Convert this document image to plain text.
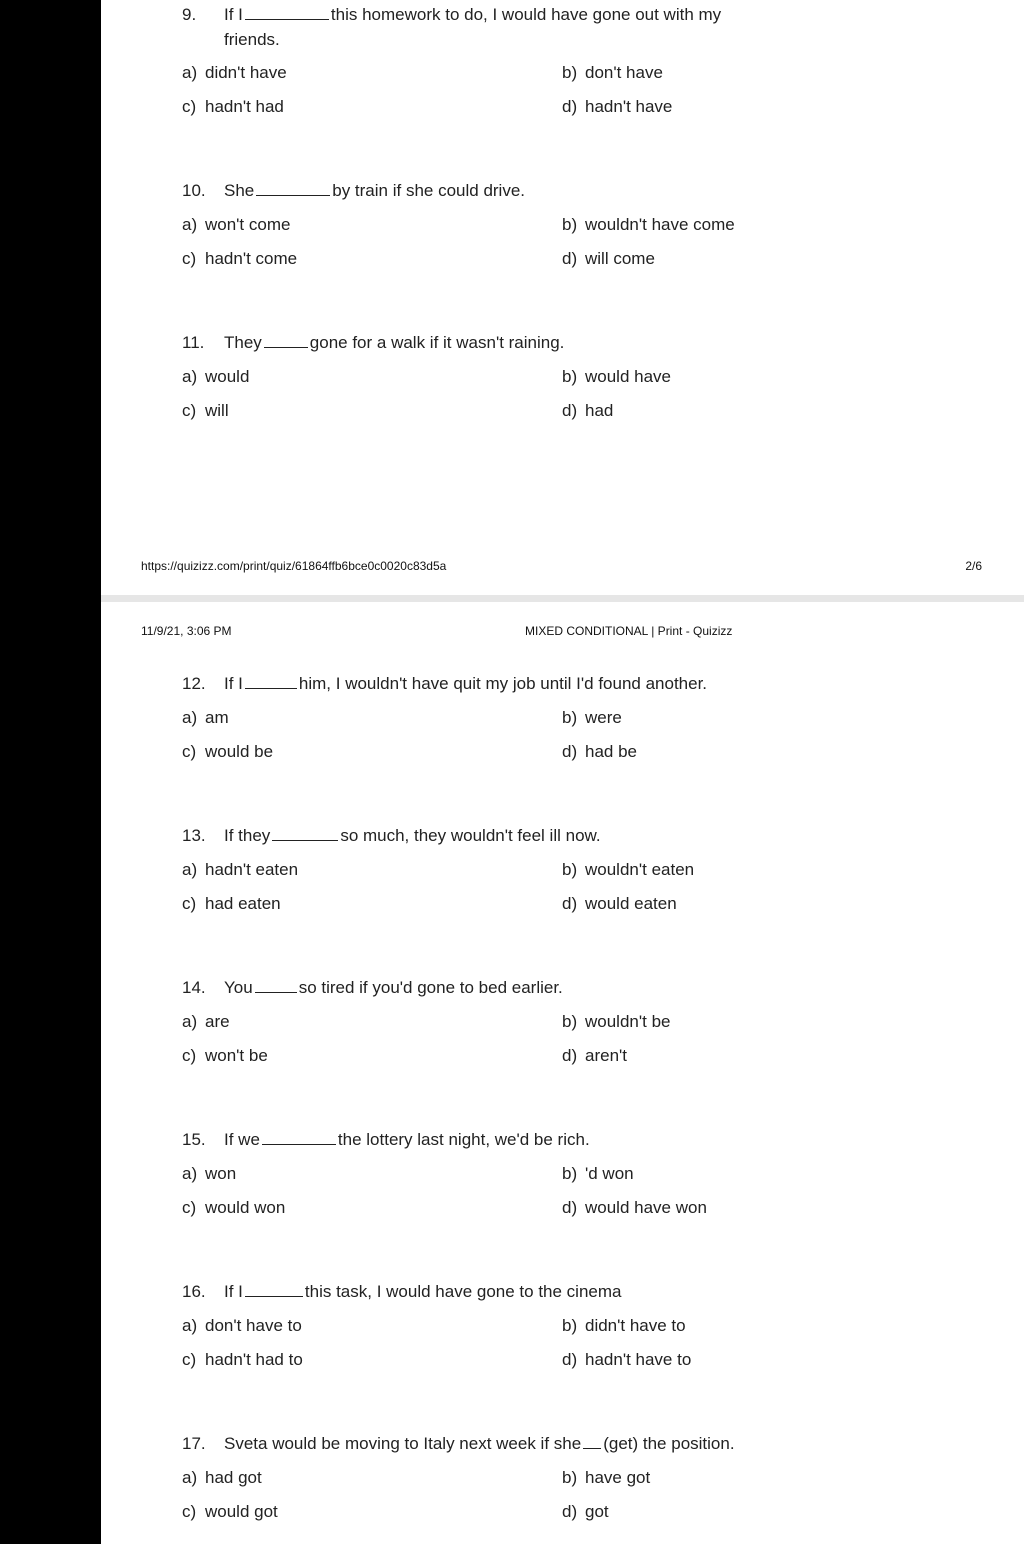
9. If I	this homework to do, I would have gone out with my
friends.
a) didn't have	b) don't have
c) hadn't had	d) hadn't have
10. She	by train if she could drive.
a) won't come	b) wouldn't have come
c) hadn't come	d) will come
11. They	gone for a walk if it wasn't raining.
a) would	b) would have
c) will	d) had
https://quizizz.com/print/quiz/61864ffb6bce0c0020c83d5a	2/6
11/9/21, 3:06 PM	MIXED CONDITIONAL | Print - Quizizz
12. If I	him, I wouldn't have quit my job until I'd found another.
a) am	b) were
c) would be	d) had be
13. If they	so much, they wouldn't feel ill now.
a) hadn't eaten	b) wouldn't eaten
c) had eaten	d) would eaten
14. You	so tired if you'd gone to bed earlier.
a) are	b) wouldn't be
c) won't be	d) aren't
15. If we	the lottery last night, we'd be rich.
a) won	b) 'd won
c) would won	d) would have won
16. If I	this task, I would have gone to the cinema
a) don't have to	b) didn't have to
c) hadn't had to	d) hadn't have to
17. Sveta would be moving to Italy next week if she (get) the position.
a) had got	b) have got
c) would got	d) got
